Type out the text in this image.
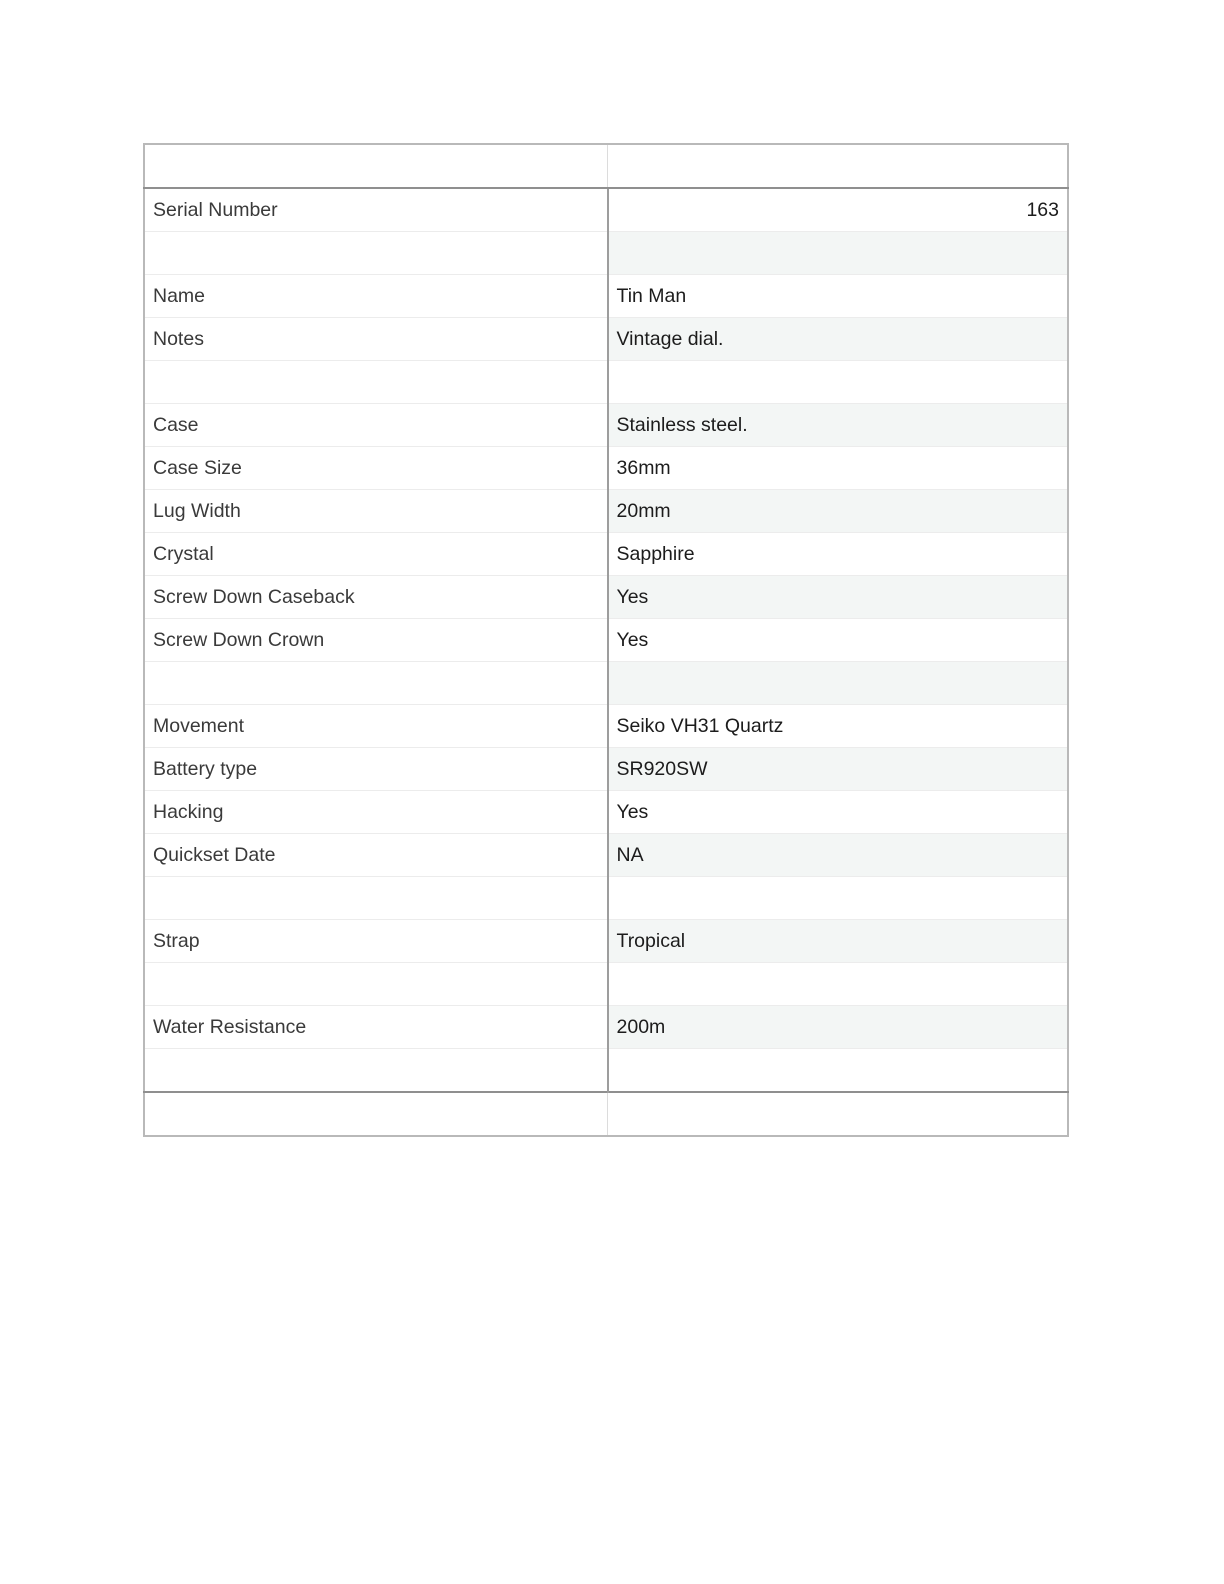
Serial Number	163

Name	Tin Man
Notes	Vintage dial.

Case	Stainless steel.
Case Size	36mm
Lug Width	20mm
Crystal	Sapphire
Screw Down Caseback	Yes
Screw Down Crown	Yes

Movement	Seiko VH31 Quartz
Battery type	SR920SW
Hacking	Yes
Quickset Date	NA

Strap	Tropical

Water Resistance	200m
